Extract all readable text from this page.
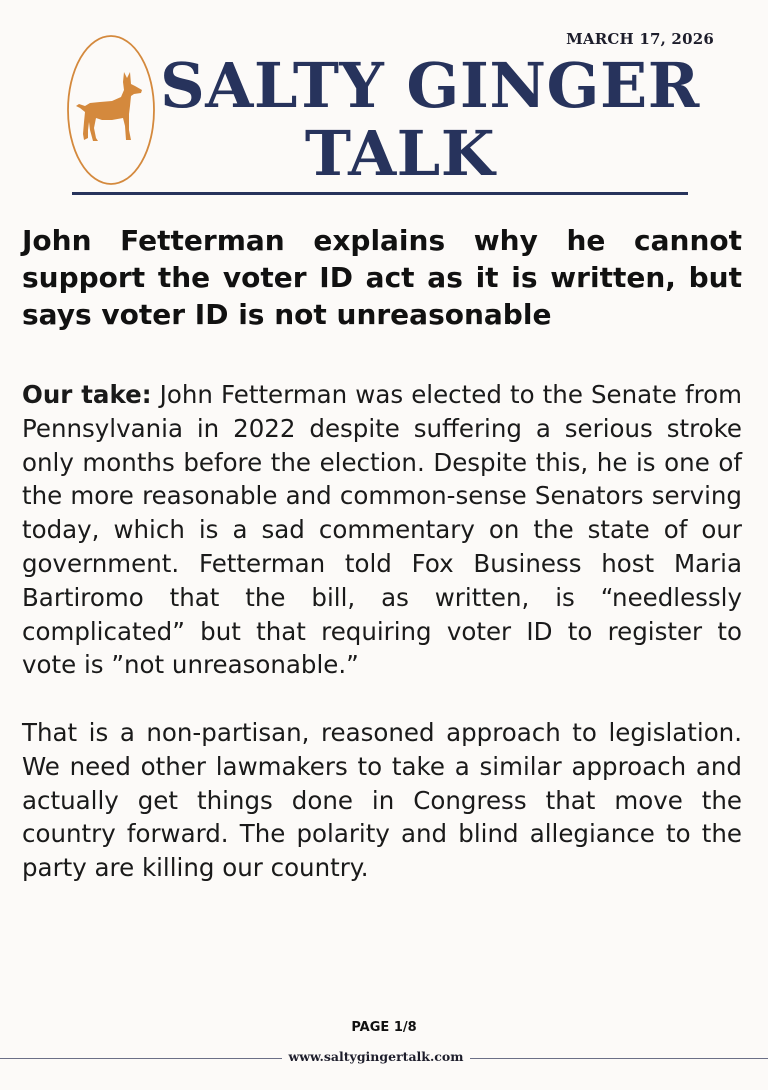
MARCH 17, 2026
SALTY GINGER
TALK
John Fetterman explains why he cannot support the voter ID act as it is written, but says voter ID is not unreasonable

Our take: John Fetterman was elected to the Senate from Pennsylvania in 2022 despite suffering a serious stroke only months before the election. Despite this, he is one of the more reasonable and common-sense Senators serving today, which is a sad commentary on the state of our government. Fetterman told Fox Business host Maria Bartiromo that the bill, as written, is “needlessly complicated” but that requiring voter ID to register to vote is ”not unreasonable.”

That is a non-partisan, reasoned approach to legislation. We need other lawmakers to take a similar approach and actually get things done in Congress that move the country forward. The polarity and blind allegiance to the party are killing our country.

PAGE 1/8
www.saltygingertalk.com
